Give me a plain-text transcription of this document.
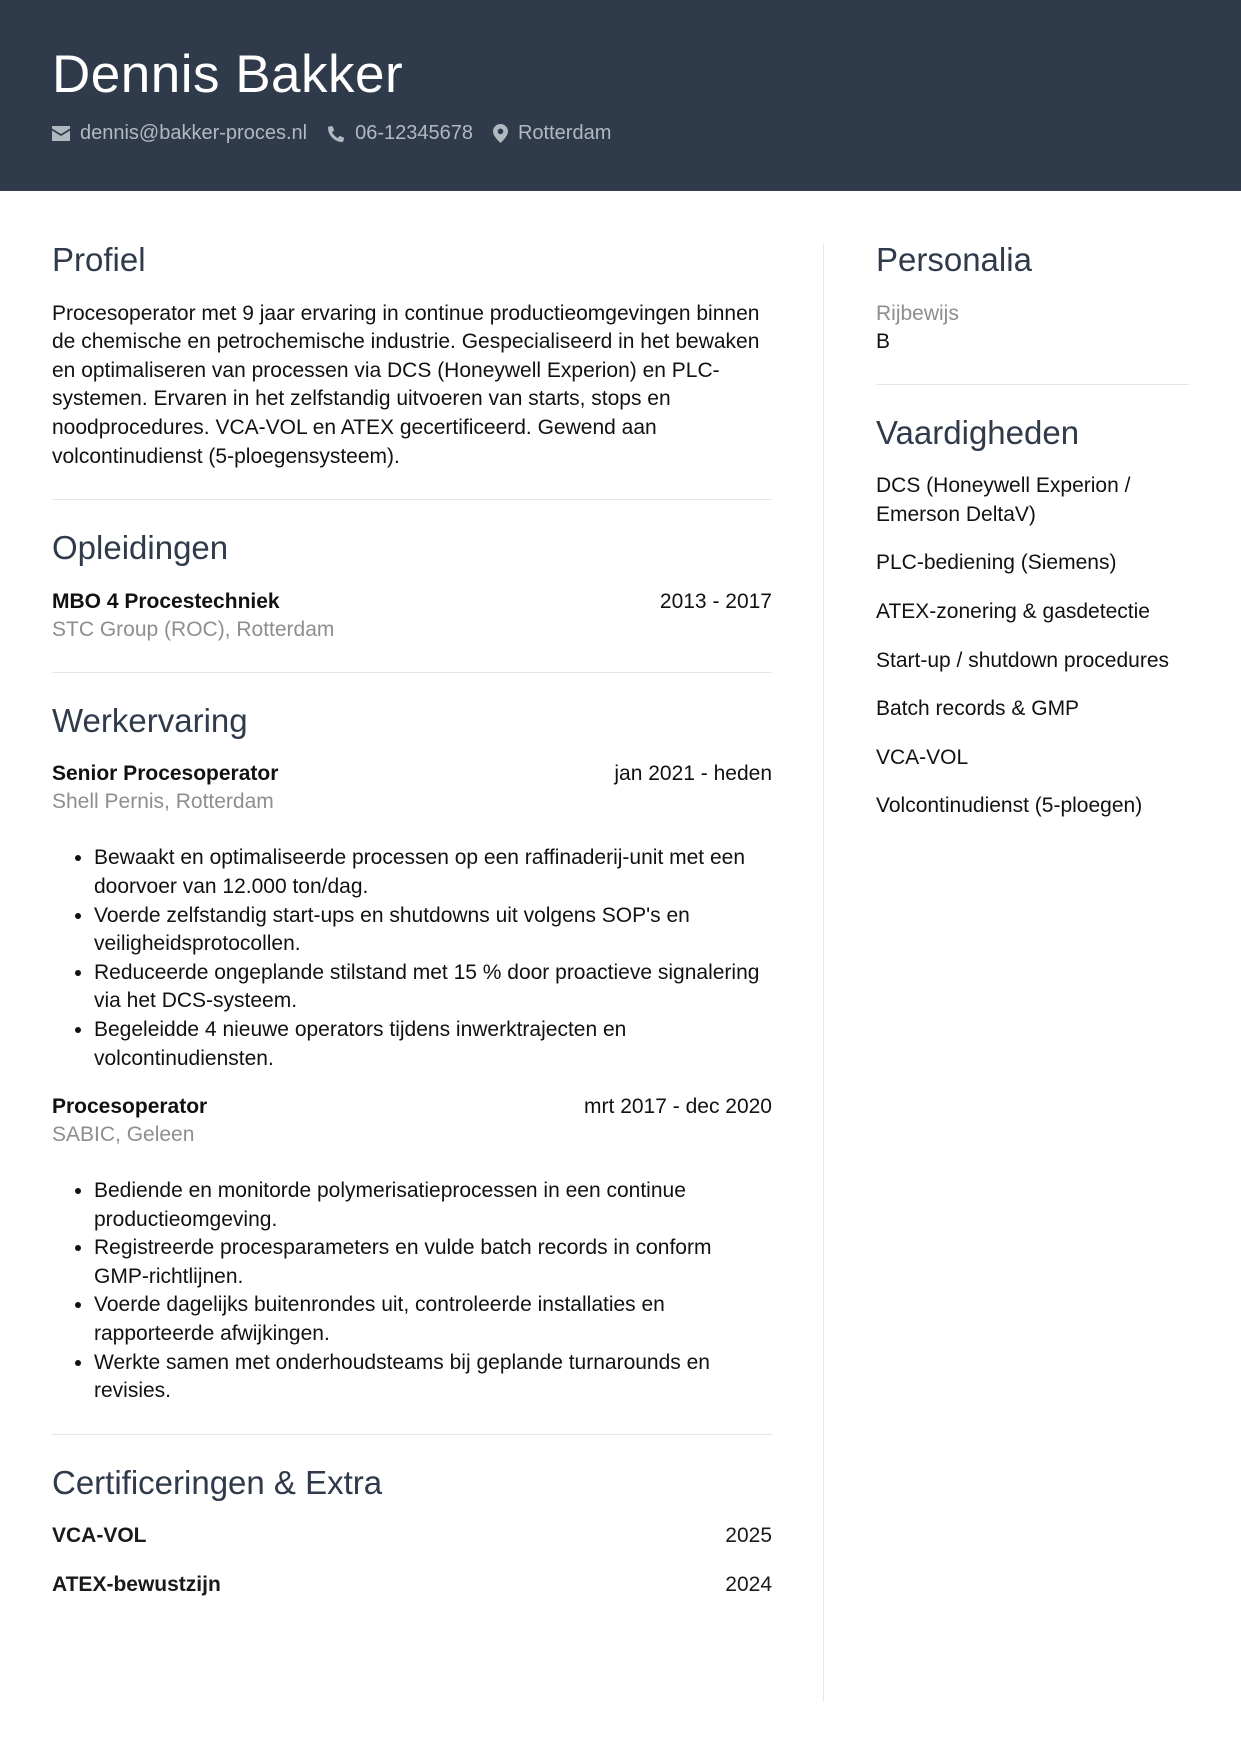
Dennis Bakker
dennis@bakker-proces.nl 06-12345678 Rotterdam
Profiel
Procesoperator met 9 jaar ervaring in continue productieomgevingen binnen de chemische en petrochemische industrie. Gespecialiseerd in het bewaken en optimaliseren van processen via DCS (Honeywell Experion) en PLC-systemen. Ervaren in het zelfstandig uitvoeren van starts, stops en noodprocedures. VCA-VOL en ATEX gecertificeerd. Gewend aan volcontinudienst (5-ploegensysteem).
Opleidingen
MBO 4 Procestechniek	2013 - 2017
STC Group (ROC), Rotterdam
Werkervaring
Senior Procesoperator	jan 2021 - heden
Shell Pernis, Rotterdam
• Bewaakt en optimaliseerde processen op een raffinaderij-unit met een doorvoer van 12.000 ton/dag.
• Voerde zelfstandig start-ups en shutdowns uit volgens SOP's en veiligheidsprotocollen.
• Reduceerde ongeplande stilstand met 15 % door proactieve signalering via het DCS-systeem.
• Begeleidde 4 nieuwe operators tijdens inwerktrajecten en volcontinudiensten.
Procesoperator	mrt 2017 - dec 2020
SABIC, Geleen
• Bediende en monitorde polymerisatieprocessen in een continue productieomgeving.
• Registreerde procesparameters en vulde batch records in conform GMP-richtlijnen.
• Voerde dagelijks buitenrondes uit, controleerde installaties en rapporteerde afwijkingen.
• Werkte samen met onderhoudsteams bij geplande turnarounds en revisies.
Certificeringen & Extra
VCA-VOL	2025
ATEX-bewustzijn	2024
Personalia
Rijbewijs
B
Vaardigheden
DCS (Honeywell Experion / Emerson DeltaV)
PLC-bediening (Siemens)
ATEX-zonering & gasdetectie
Start-up / shutdown procedures
Batch records & GMP
VCA-VOL
Volcontinudienst (5-ploegen)
